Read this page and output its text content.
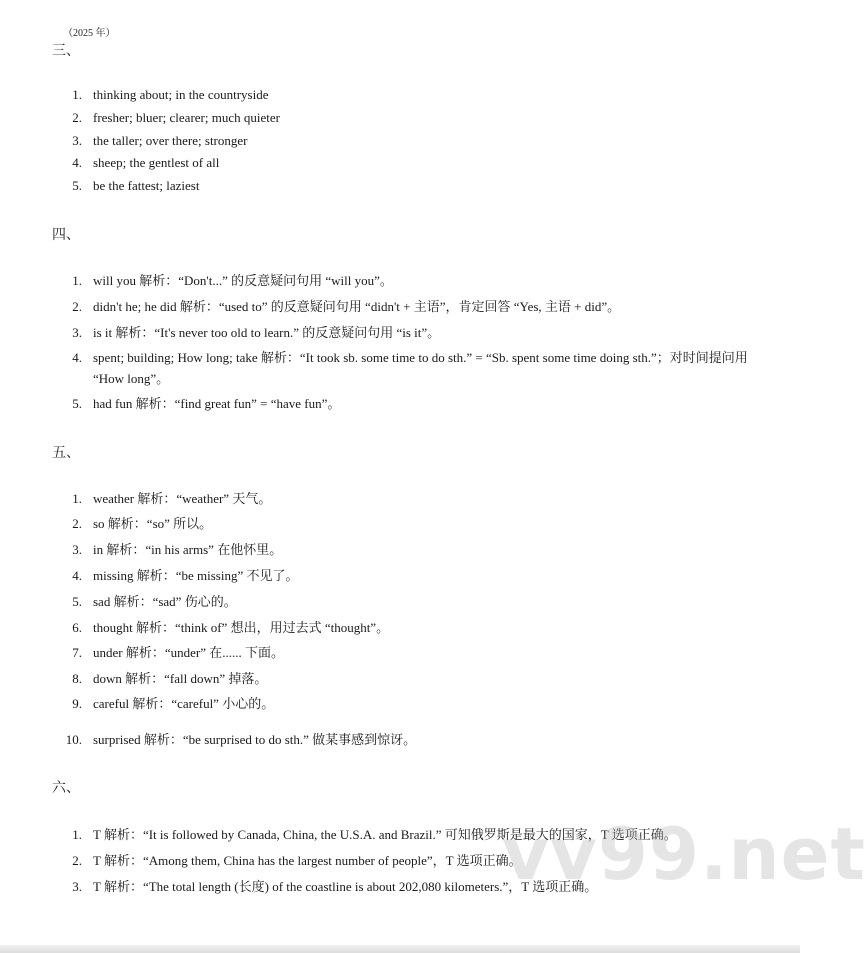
（2025 年）
三、
1. thinking about; in the countryside
2. fresher; bluer; clearer; much quieter
3. the taller; over there; stronger
4. sheep; the gentlest of all
5. be the fattest; laziest
四、
1. will you 解析：“Don't...” 的反意疑问句用 “will you”。
2. didn't he; he did 解析：“used to” 的反意疑问句用 “didn't + 主语”，肯定回答 “Yes, 主语 + did”。
3. is it 解析：“It's never too old to learn.” 的反意疑问句用 “is it”。
4. spent; building; How long; take 解析：“It took sb. some time to do sth.” = “Sb. spent some time doing sth.”；对时间提问用 “How long”。
5. had fun 解析：“find great fun” = “have fun”。
五、
1. weather 解析：“weather” 天气。
2. so 解析：“so” 所以。
3. in 解析：“in his arms” 在他怀里。
4. missing 解析：“be missing” 不见了。
5. sad 解析：“sad” 伤心的。
6. thought 解析：“think of” 想出，用过去式 “thought”。
7. under 解析：“under” 在...... 下面。
8. down 解析：“fall down” 掉落。
9. careful 解析：“careful” 小心的。
10. surprised 解析：“be surprised to do sth.” 做某事感到惊讶。
六、
1. T 解析：“It is followed by Canada, China, the U.S.A. and Brazil.” 可知俄罗斯是最大的国家，T 选项正确。
2. T 解析：“Among them, China has the largest number of people”，T 选项正确。
3. T 解析：“The total length (长度) of the coastline is about 202,080 kilometers.”，T 选项正确。
vv99.net
